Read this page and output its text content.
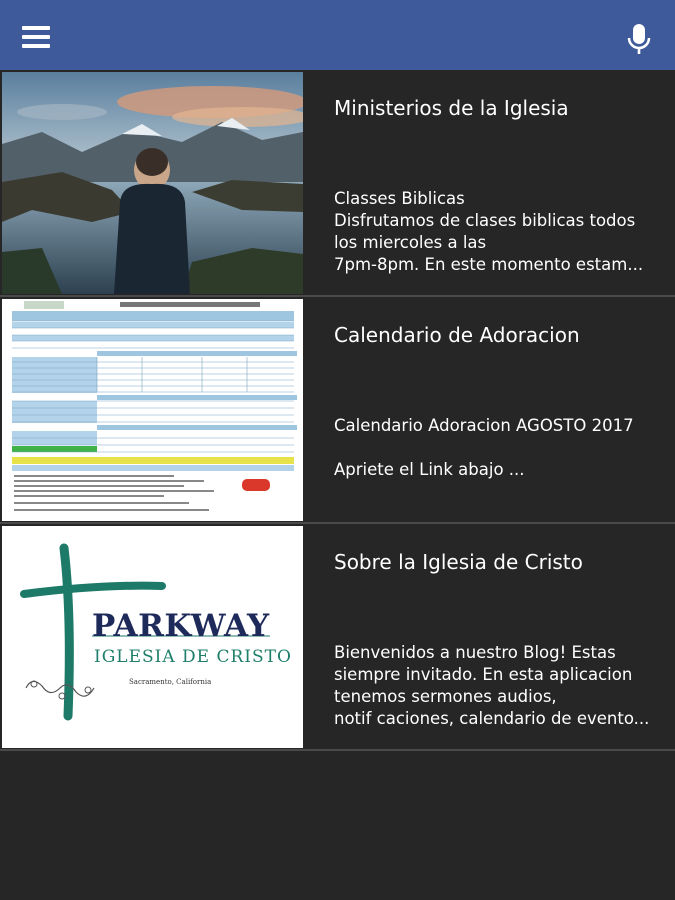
Ministerios de la Iglesia
Classes Biblicas
Disfrutamos de clases biblicas todos
los miercoles a las
7pm-8pm. En este momento estam...
Calendario de Adoracion
Calendario Adoracion AGOSTO 2017
Apriete el Link abajo ...
PARKWAY
IGLESIA DE CRISTO
Sacramento, California
Sobre la Iglesia de Cristo
Bienvenidos a nuestro Blog! Estas
siempre invitado. En esta aplicacion
tenemos sermones audios,
notif caciones, calendario de evento...
